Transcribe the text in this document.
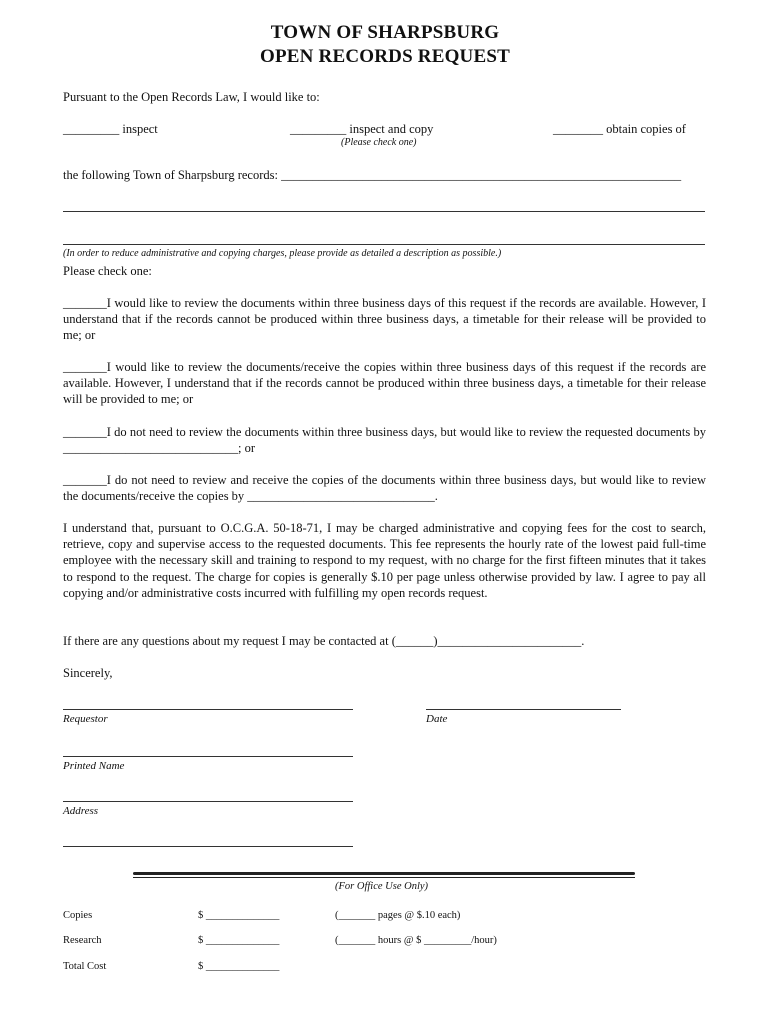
TOWN OF SHARPSBURG
OPEN RECORDS REQUEST
Pursuant to the Open Records Law, I would like to:
_________ inspect	_________ inspect and copy	________ obtain copies of
(Please check one)
the following Town of Sharpsburg records: ________________________________________________________________
(In order to reduce administrative and copying charges, please provide as detailed a description as possible.)
Please check one:
_______I would like to review the documents within three business days of this request if the records are available. However, I understand that if the records cannot be produced within three business days, a timetable for their release will be provided to me; or
_______I would like to review the documents/receive the copies within three business days of this request if the records are available. However, I understand that if the records cannot be produced within three business days, a timetable for their release will be provided to me; or
_______I do not need to review the documents within three business days, but would like to review the requested documents by ____________________________; or
_______I do not need to review and receive the copies of the documents within three business days, but would like to review the documents/receive the copies by ______________________________.
I understand that, pursuant to O.C.G.A. 50-18-71, I may be charged administrative and copying fees for the cost to search, retrieve, copy and supervise access to the requested documents. This fee represents the hourly rate of the lowest paid full-time employee with the necessary skill and training to respond to my request, with no charge for the first fifteen minutes that it takes to respond to the request. The charge for copies is generally $.10 per page unless otherwise provided by law. I agree to pay all copying and/or administrative costs incurred with fulfilling my open records request.
If there are any questions about my request I may be contacted at (______)_______________________.
Sincerely,
Requestor	Date
Printed Name
Address
(For Office Use Only)
Copies	$ ______________	(_______ pages @ $.10 each)
Research	$ ______________	(_______ hours @ $ _________/hour)
Total Cost	$ ______________
